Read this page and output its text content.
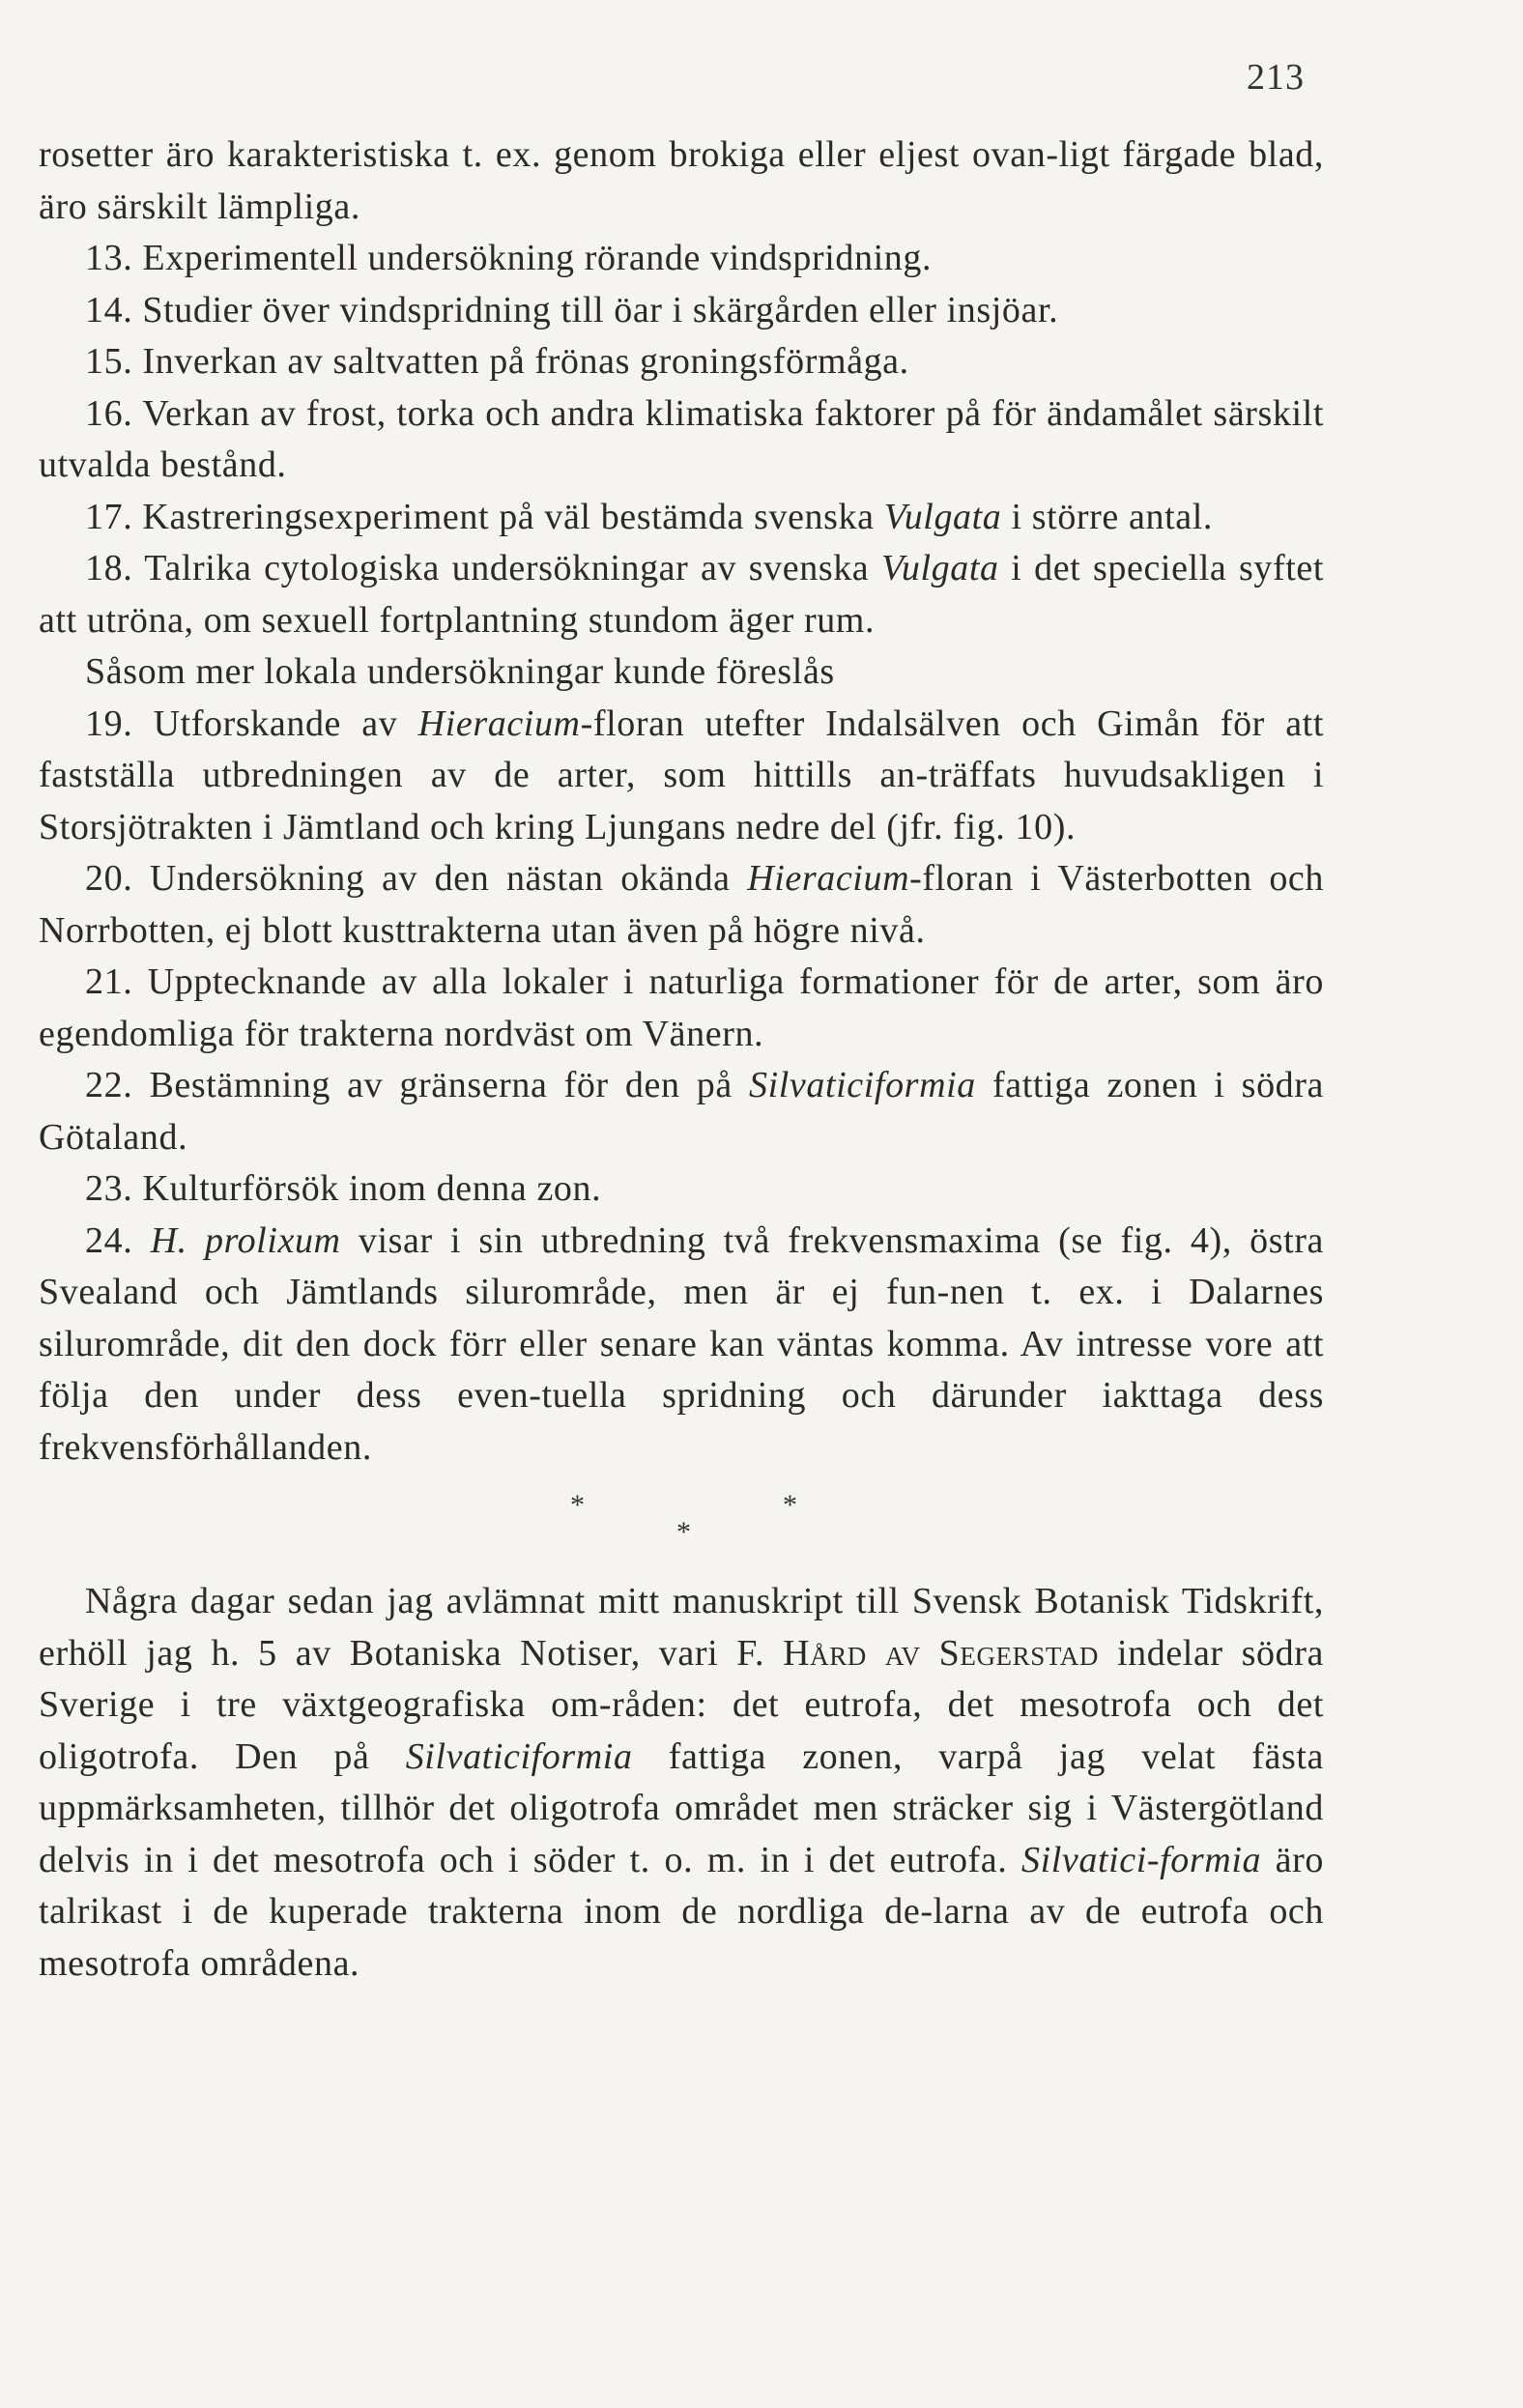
213

rosetter äro karakteristiska t. ex. genom brokiga eller eljest ovan-ligt färgade blad, äro särskilt lämpliga.

13. Experimentell undersökning rörande vindspridning.

14. Studier över vindspridning till öar i skärgården eller insjöar.

15. Inverkan av saltvatten på frönas groningsförmåga.

16. Verkan av frost, torka och andra klimatiska faktorer på för ändamålet särskilt utvalda bestånd.

17. Kastreringsexperiment på väl bestämda svenska Vulgata i större antal.

18. Talrika cytologiska undersökningar av svenska Vulgata i det speciella syftet att utröna, om sexuell fortplantning stundom äger rum.

Såsom mer lokala undersökningar kunde föreslås

19. Utforskande av Hieracium-floran utefter Indalsälven och Gimån för att fastställa utbredningen av de arter, som hittills an-träffats huvudsakligen i Storsjötrakten i Jämtland och kring Ljungans nedre del (jfr. fig. 10).

20. Undersökning av den nästan okända Hieracium-floran i Västerbotten och Norrbotten, ej blott kusttrakterna utan även på högre nivå.

21. Upptecknande av alla lokaler i naturliga formationer för de arter, som äro egendomliga för trakterna nordväst om Vänern.

22. Bestämning av gränserna för den på Silvaticiformia fattiga zonen i södra Götaland.

23. Kulturförsök inom denna zon.

24. H. prolixum visar i sin utbredning två frekvensmaxima (se fig. 4), östra Svealand och Jämtlands silurområde, men är ej fun-nen t. ex. i Dalarnes silurområde, dit den dock förr eller senare kan väntas komma. Av intresse vore att följa den under dess even-tuella spridning och därunder iakttaga dess frekvensförhållanden.

*	*
*

Några dagar sedan jag avlämnat mitt manuskript till Svensk Botanisk Tidskrift, erhöll jag h. 5 av Botaniska Notiser, vari F. Hård av Segerstad indelar södra Sverige i tre växtgeografiska om-råden: det eutrofa, det mesotrofa och det oligotrofa. Den på Silvaticiformia fattiga zonen, varpå jag velat fästa uppmärksamheten, tillhör det oligotrofa området men sträcker sig i Västergötland delvis in i det mesotrofa och i söder t. o. m. in i det eutrofa. Silvatici-formia äro talrikast i de kuperade trakterna inom de nordliga de-larna av de eutrofa och mesotrofa områdena.
